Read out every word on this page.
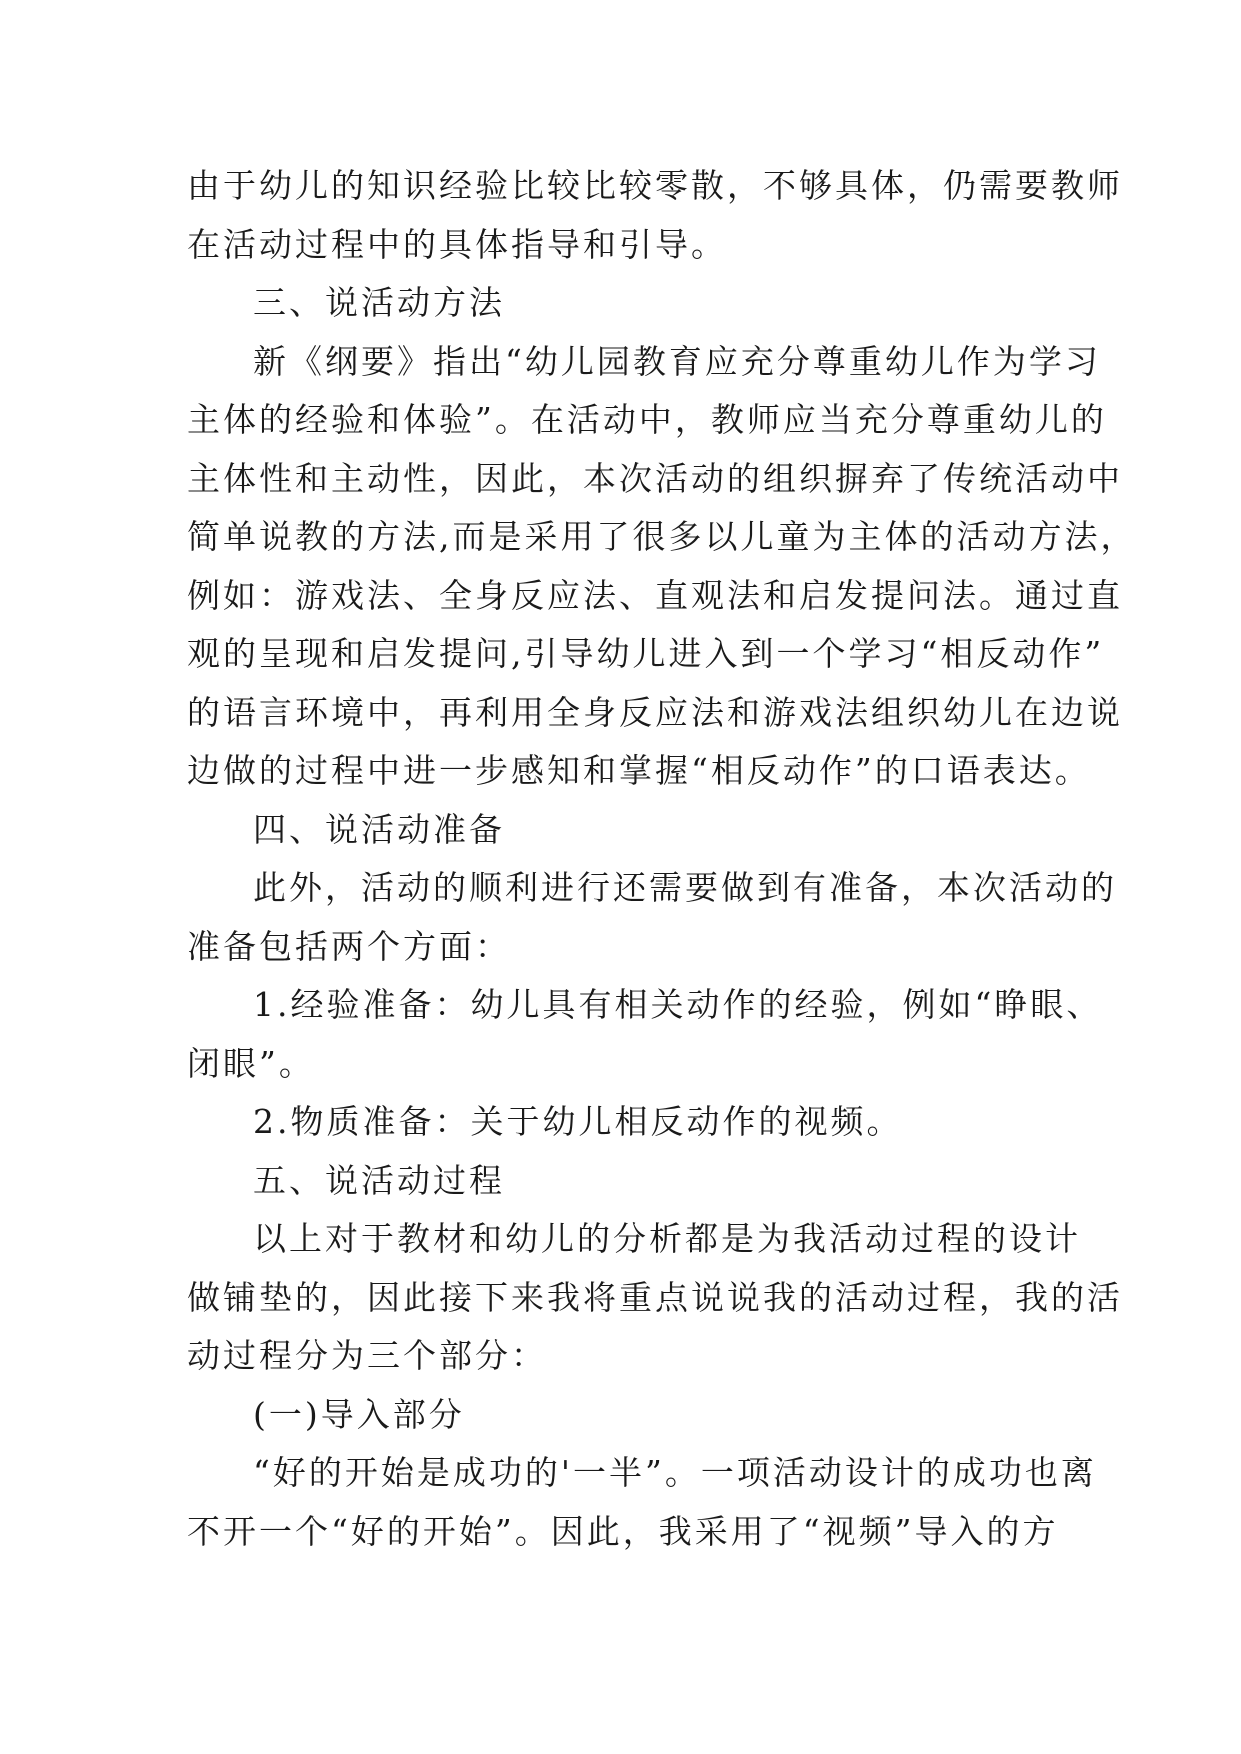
由于幼儿的知识经验比较比较零散，不够具体，仍需要教师
在活动过程中的具体指导和引导。
三、说活动方法
新《纲要》指出“幼儿园教育应充分尊重幼儿作为学习
主体的经验和体验”。在活动中，教师应当充分尊重幼儿的
主体性和主动性，因此，本次活动的组织摒弃了传统活动中
简单说教的方法,而是采用了很多以儿童为主体的活动方法，
例如：游戏法、全身反应法、直观法和启发提问法。通过直
观的呈现和启发提问,引导幼儿进入到一个学习“相反动作”
的语言环境中，再利用全身反应法和游戏法组织幼儿在边说
边做的过程中进一步感知和掌握“相反动作”的口语表达。
四、说活动准备
此外，活动的顺利进行还需要做到有准备，本次活动的
准备包括两个方面：
1.经验准备：幼儿具有相关动作的经验，例如“睁眼、
闭眼”。
2.物质准备：关于幼儿相反动作的视频。
五、说活动过程
以上对于教材和幼儿的分析都是为我活动过程的设计
做铺垫的，因此接下来我将重点说说我的活动过程，我的活
动过程分为三个部分：
(一)导入部分
“好的开始是成功的'一半”。一项活动设计的成功也离
不开一个“好的开始”。因此，我采用了“视频”导入的方
